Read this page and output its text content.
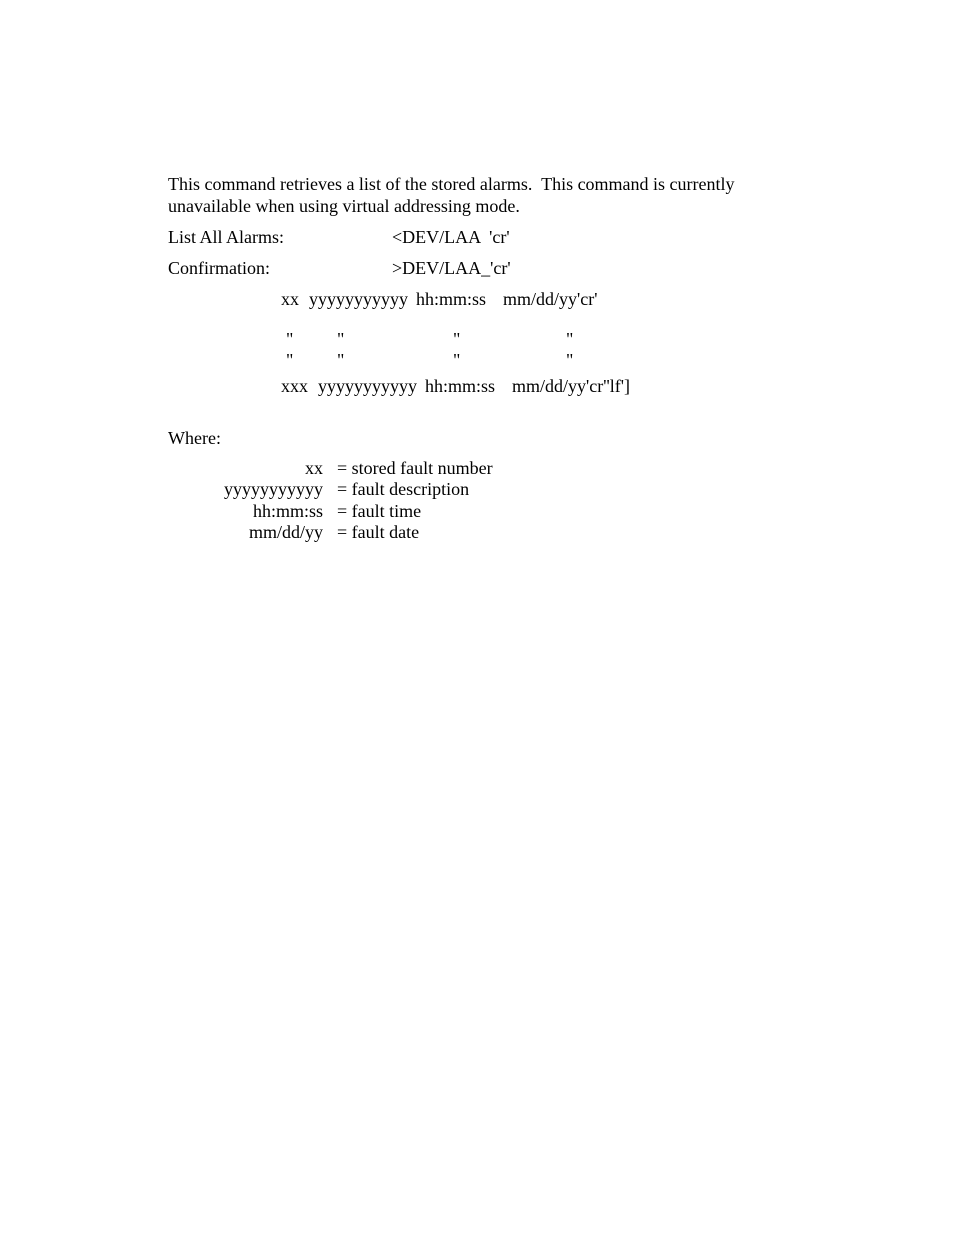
This command retrieves a list of the stored alarms.  This command is currently
unavailable when using virtual addressing mode.
List All Alarms:	<DEV/LAA  'cr'
Confirmation:	>DEV/LAA_'cr'
xx yyyyyyyyyyy hh:mm:ss mm/dd/yy'cr'
" "	"	"
" "	"	"
xxx yyyyyyyyyyy hh:mm:ss mm/dd/yy'cr''lf']
Where:
xx = stored fault number
yyyyyyyyyyy = fault description
hh:mm:ss = fault time
mm/dd/yy = fault date
